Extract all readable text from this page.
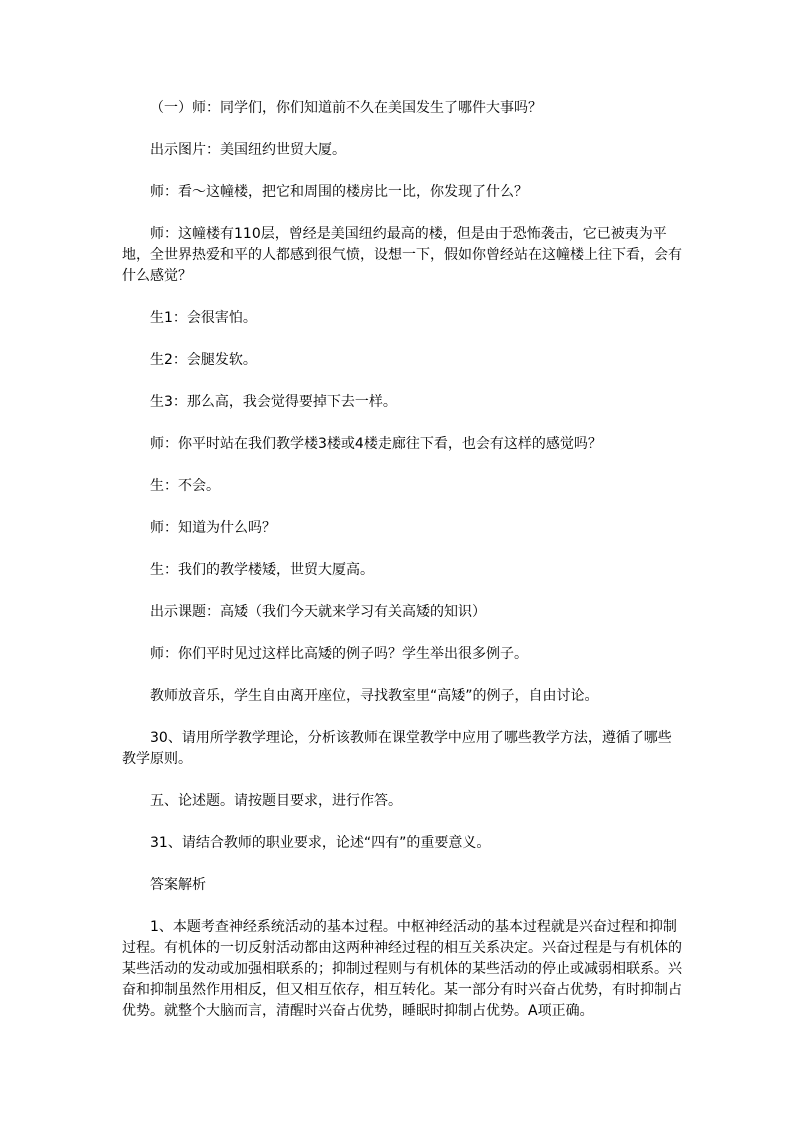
（一）师：同学们，你们知道前不久在美国发生了哪件大事吗？

出示图片：美国纽约世贸大厦。

师：看～这幢楼，把它和周围的楼房比一比，你发现了什么？

师：这幢楼有110层，曾经是美国纽约最高的楼，但是由于恐怖袭击，它已被夷为平地，全世界热爱和平的人都感到很气愤，设想一下，假如你曾经站在这幢楼上往下看，会有什么感觉？

生1：会很害怕。

生2：会腿发软。

生3：那么高，我会觉得要掉下去一样。

师：你平时站在我们教学楼3楼或4楼走廊往下看，也会有这样的感觉吗？

生：不会。

师：知道为什么吗？

生：我们的教学楼矮，世贸大厦高。

出示课题：高矮（我们今天就来学习有关高矮的知识）

师：你们平时见过这样比高矮的例子吗？学生举出很多例子。

教师放音乐，学生自由离开座位，寻找教室里“高矮”的例子，自由讨论。

30、请用所学教学理论，分析该教师在课堂教学中应用了哪些教学方法，遵循了哪些教学原则。

五、论述题。请按题目要求，进行作答。

31、请结合教师的职业要求，论述“四有”的重要意义。

答案解析

1、本题考查神经系统活动的基本过程。中枢神经活动的基本过程就是兴奋过程和抑制过程。有机体的一切反射活动都由这两种神经过程的相互关系决定。兴奋过程是与有机体的某些活动的发动或加强相联系的；抑制过程则与有机体的某些活动的停止或减弱相联系。兴奋和抑制虽然作用相反，但又相互依存，相互转化。某一部分有时兴奋占优势，有时抑制占优势。就整个大脑而言，清醒时兴奋占优势，睡眠时抑制占优势。A项正确。
